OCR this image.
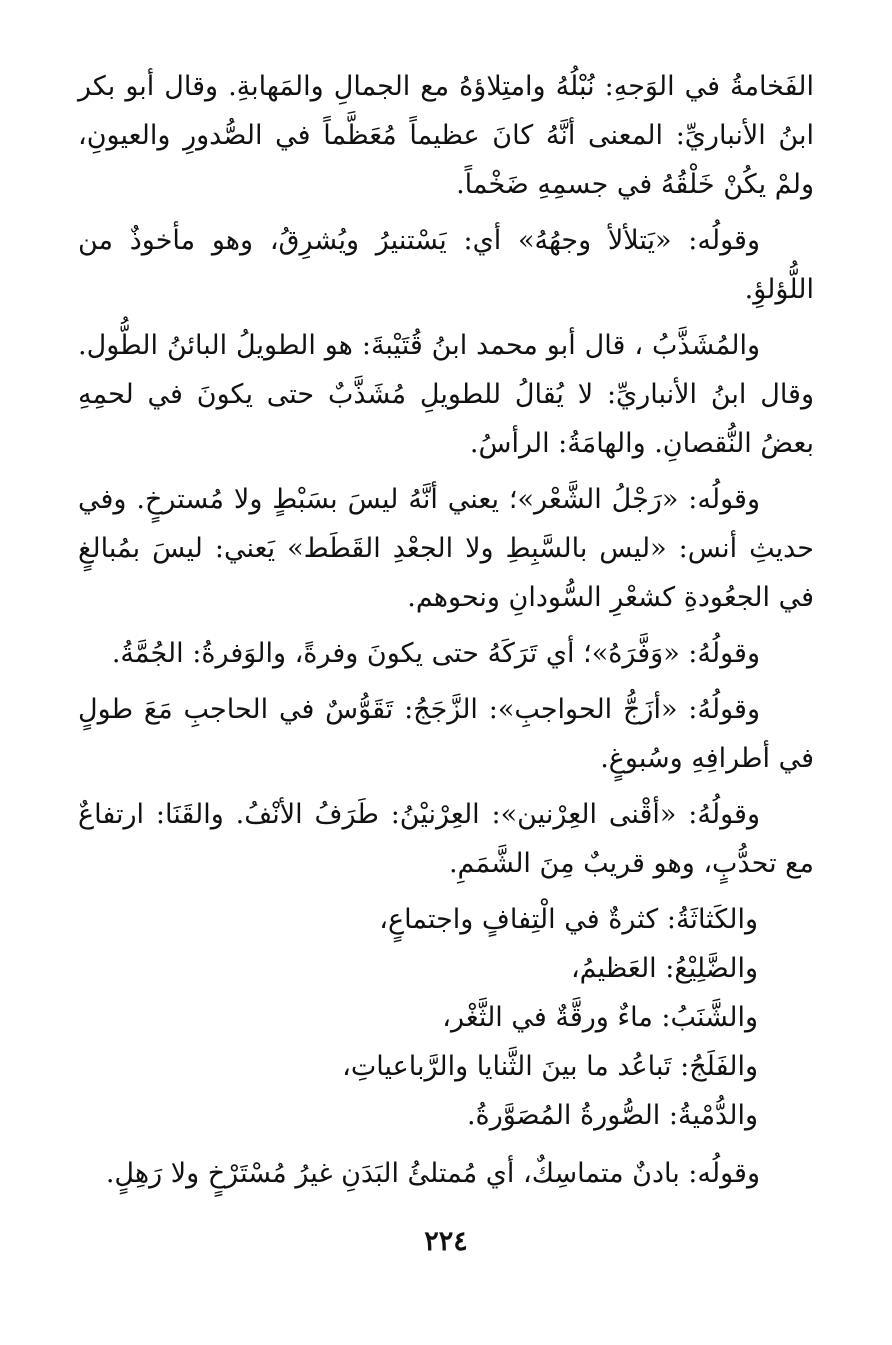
الفَخامةُ في الوَجهِ: نُبْلُهُ وامتِلاؤهُ مع الجمالِ والمَهابةِ. وقال أبو بكر ابنُ الأنباريِّ: المعنى أنَّهُ كانَ عظيماً مُعَظَّماً في الصُّدورِ والعيونِ، ولمْ يكُنْ خَلْقُهُ في جسمِهِ ضَخْماً.

وقولُه: «يَتلألأ وجهُهُ» أي: يَسْتنيرُ ويُشرِقُ، وهو مأخوذٌ من اللُّؤلؤِ.

والمُشَذَّبُ ، قال أبو محمد ابنُ قُتَيْبةَ: هو الطويلُ البائنُ الطُّول. وقال ابنُ الأنباريِّ: لا يُقالُ للطويلِ مُشَذَّبٌ حتى يكونَ في لحمِهِ بعضُ النُّقصانِ. والهامَةُ: الرأسُ.

وقولُه: «رَجْلُ الشَّعْر»؛ يعني أنَّهُ ليسَ بسَبْطٍ ولا مُسترخٍ. وفي حديثِ أنس: «ليس بالسَّبِطِ ولا الجعْدِ القَطَط» يَعني: ليسَ بمُبالغٍ في الجعُودةِ كشعْرِ السُّودانِ ونحوهم.

وقولُهُ: «وَفَّرَهُ»؛ أي تَرَكَهُ حتى يكونَ وفرةً، والوَفرةُ: الجُمَّةُ.

وقولُهُ: «أزَجُّ الحواجبِ»: الزَّجَجُ: تَقَوُّسٌ في الحاجبِ مَعَ طولٍ في أطرافِهِ وسُبوغٍ.

وقولُهُ: «أقْنى العِرْنين»: العِرْنيْنُ: طَرَفُ الأنْفُ. والقَنَا: ارتفاعٌ مع تحدُّبٍ، وهو قريبٌ مِنَ الشَّمَمِ.

والكَثاثَةُ: كثرةٌ في الْتِفافٍ واجتماعٍ،
والضَّلِيْعُ: العَظيمُ،
والشَّنَبُ: ماءٌ ورقَّةٌ في الثَّغْر،
والفَلَجُ: تَباعُد ما بينَ الثَّنايا والرَّباعياتِ،
والدُّمْيةُ: الصُّورةُ المُصَوَّرةُ.

وقولُه: بادنٌ متماسِكٌ، أي مُمتلئُ البَدَنِ غيرُ مُسْتَرْخٍ ولا رَهِلٍ.

٢٢٤
